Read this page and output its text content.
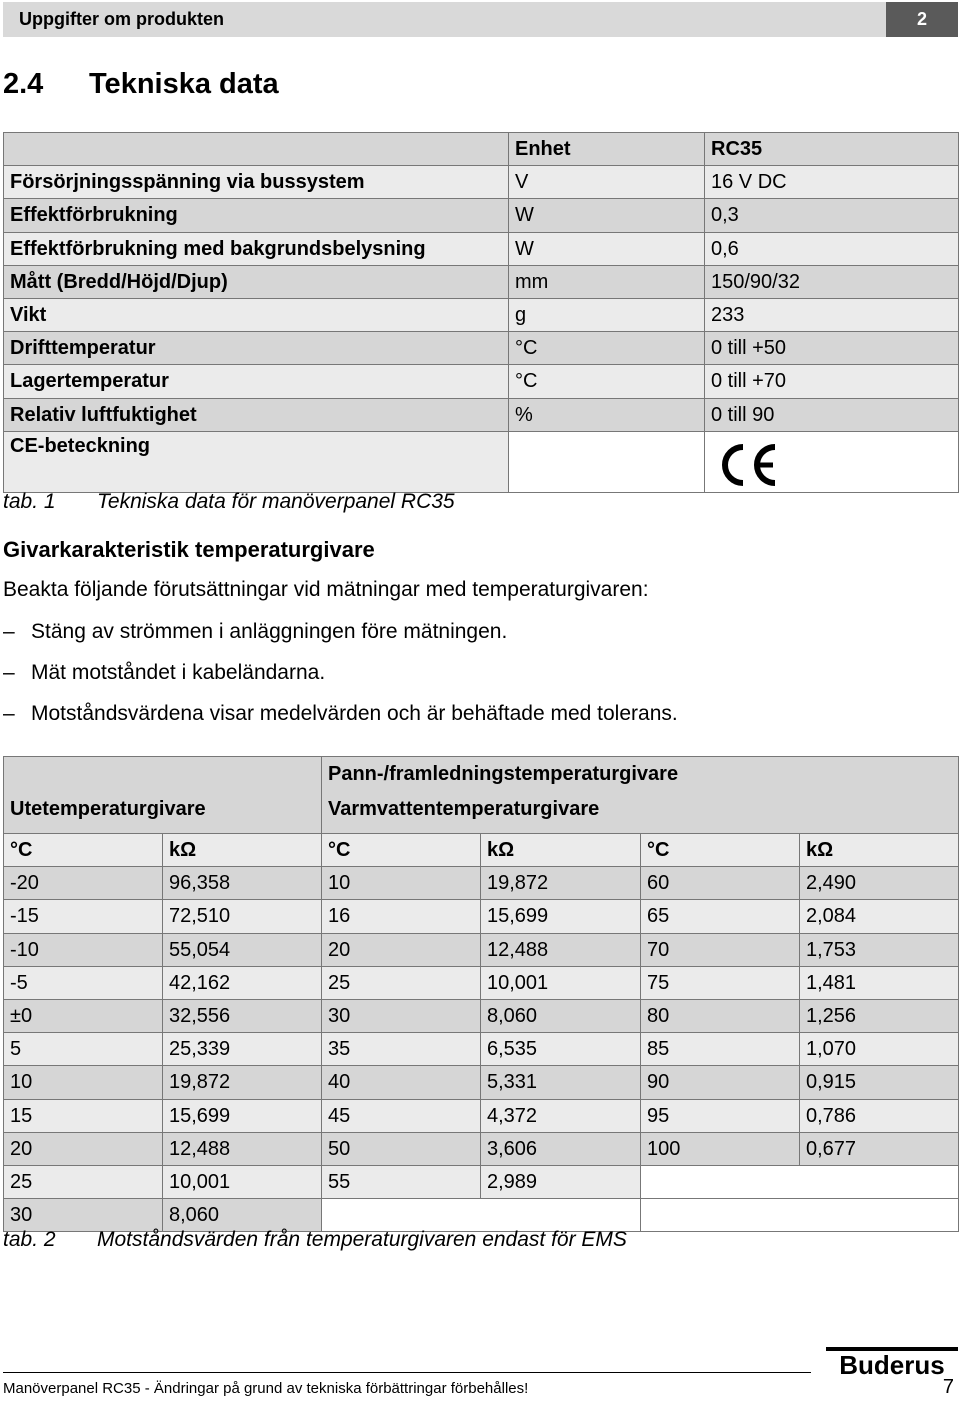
Uppgifter om produkten	2
2.4 Tekniska data
	Enhet	RC35
Försörjningsspänning via bussystem	V	16 V DC
Effektförbrukning	W	0,3
Effektförbrukning med bakgrundsbelysning	W	0,6
Mått (Bredd/Höjd/Djup)	mm	150/90/32
Vikt	g	233
Drifttemperatur	°C	0 till +50
Lagertemperatur	°C	0 till +70
Relativ luftfuktighet	%	0 till 90
CE-beteckning		
tab. 1 Tekniska data för manöverpanel RC35
Givarkarakteristik temperaturgivare
Beakta följande förutsättningar vid mätningar med temperaturgivaren:
– Stäng av strömmen i anläggningen före mätningen.
– Mät motståndet i kabeländarna.
– Motståndsvärdena visar medelvärden och är behäftade med tolerans.
Utetemperaturgivare		Pann-/framledningstemperaturgivare
Varmvattentemperaturgivare			

°C	kΩ	°C	kΩ	°C	kΩ
-20	96,358	10	19,872	60	2,490
-15	72,510	16	15,699	65	2,084
-10	55,054	20	12,488	70	1,753
-5	42,162	25	10,001	75	1,481
±0	32,556	30	8,060	80	1,256
5	25,339	35	6,535	85	1,070
10	19,872	40	5,331	90	0,915
15	15,699	45	4,372	95	0,786
20	12,488	50	3,606	100	0,677
25	10,001	55	2,989		
30	8,060				
tab. 2 Motståndsvärden från temperaturgivaren endast för EMS
Buderus
Manöverpanel RC35 - Ändringar på grund av tekniska förbättringar förbehålles!	7
